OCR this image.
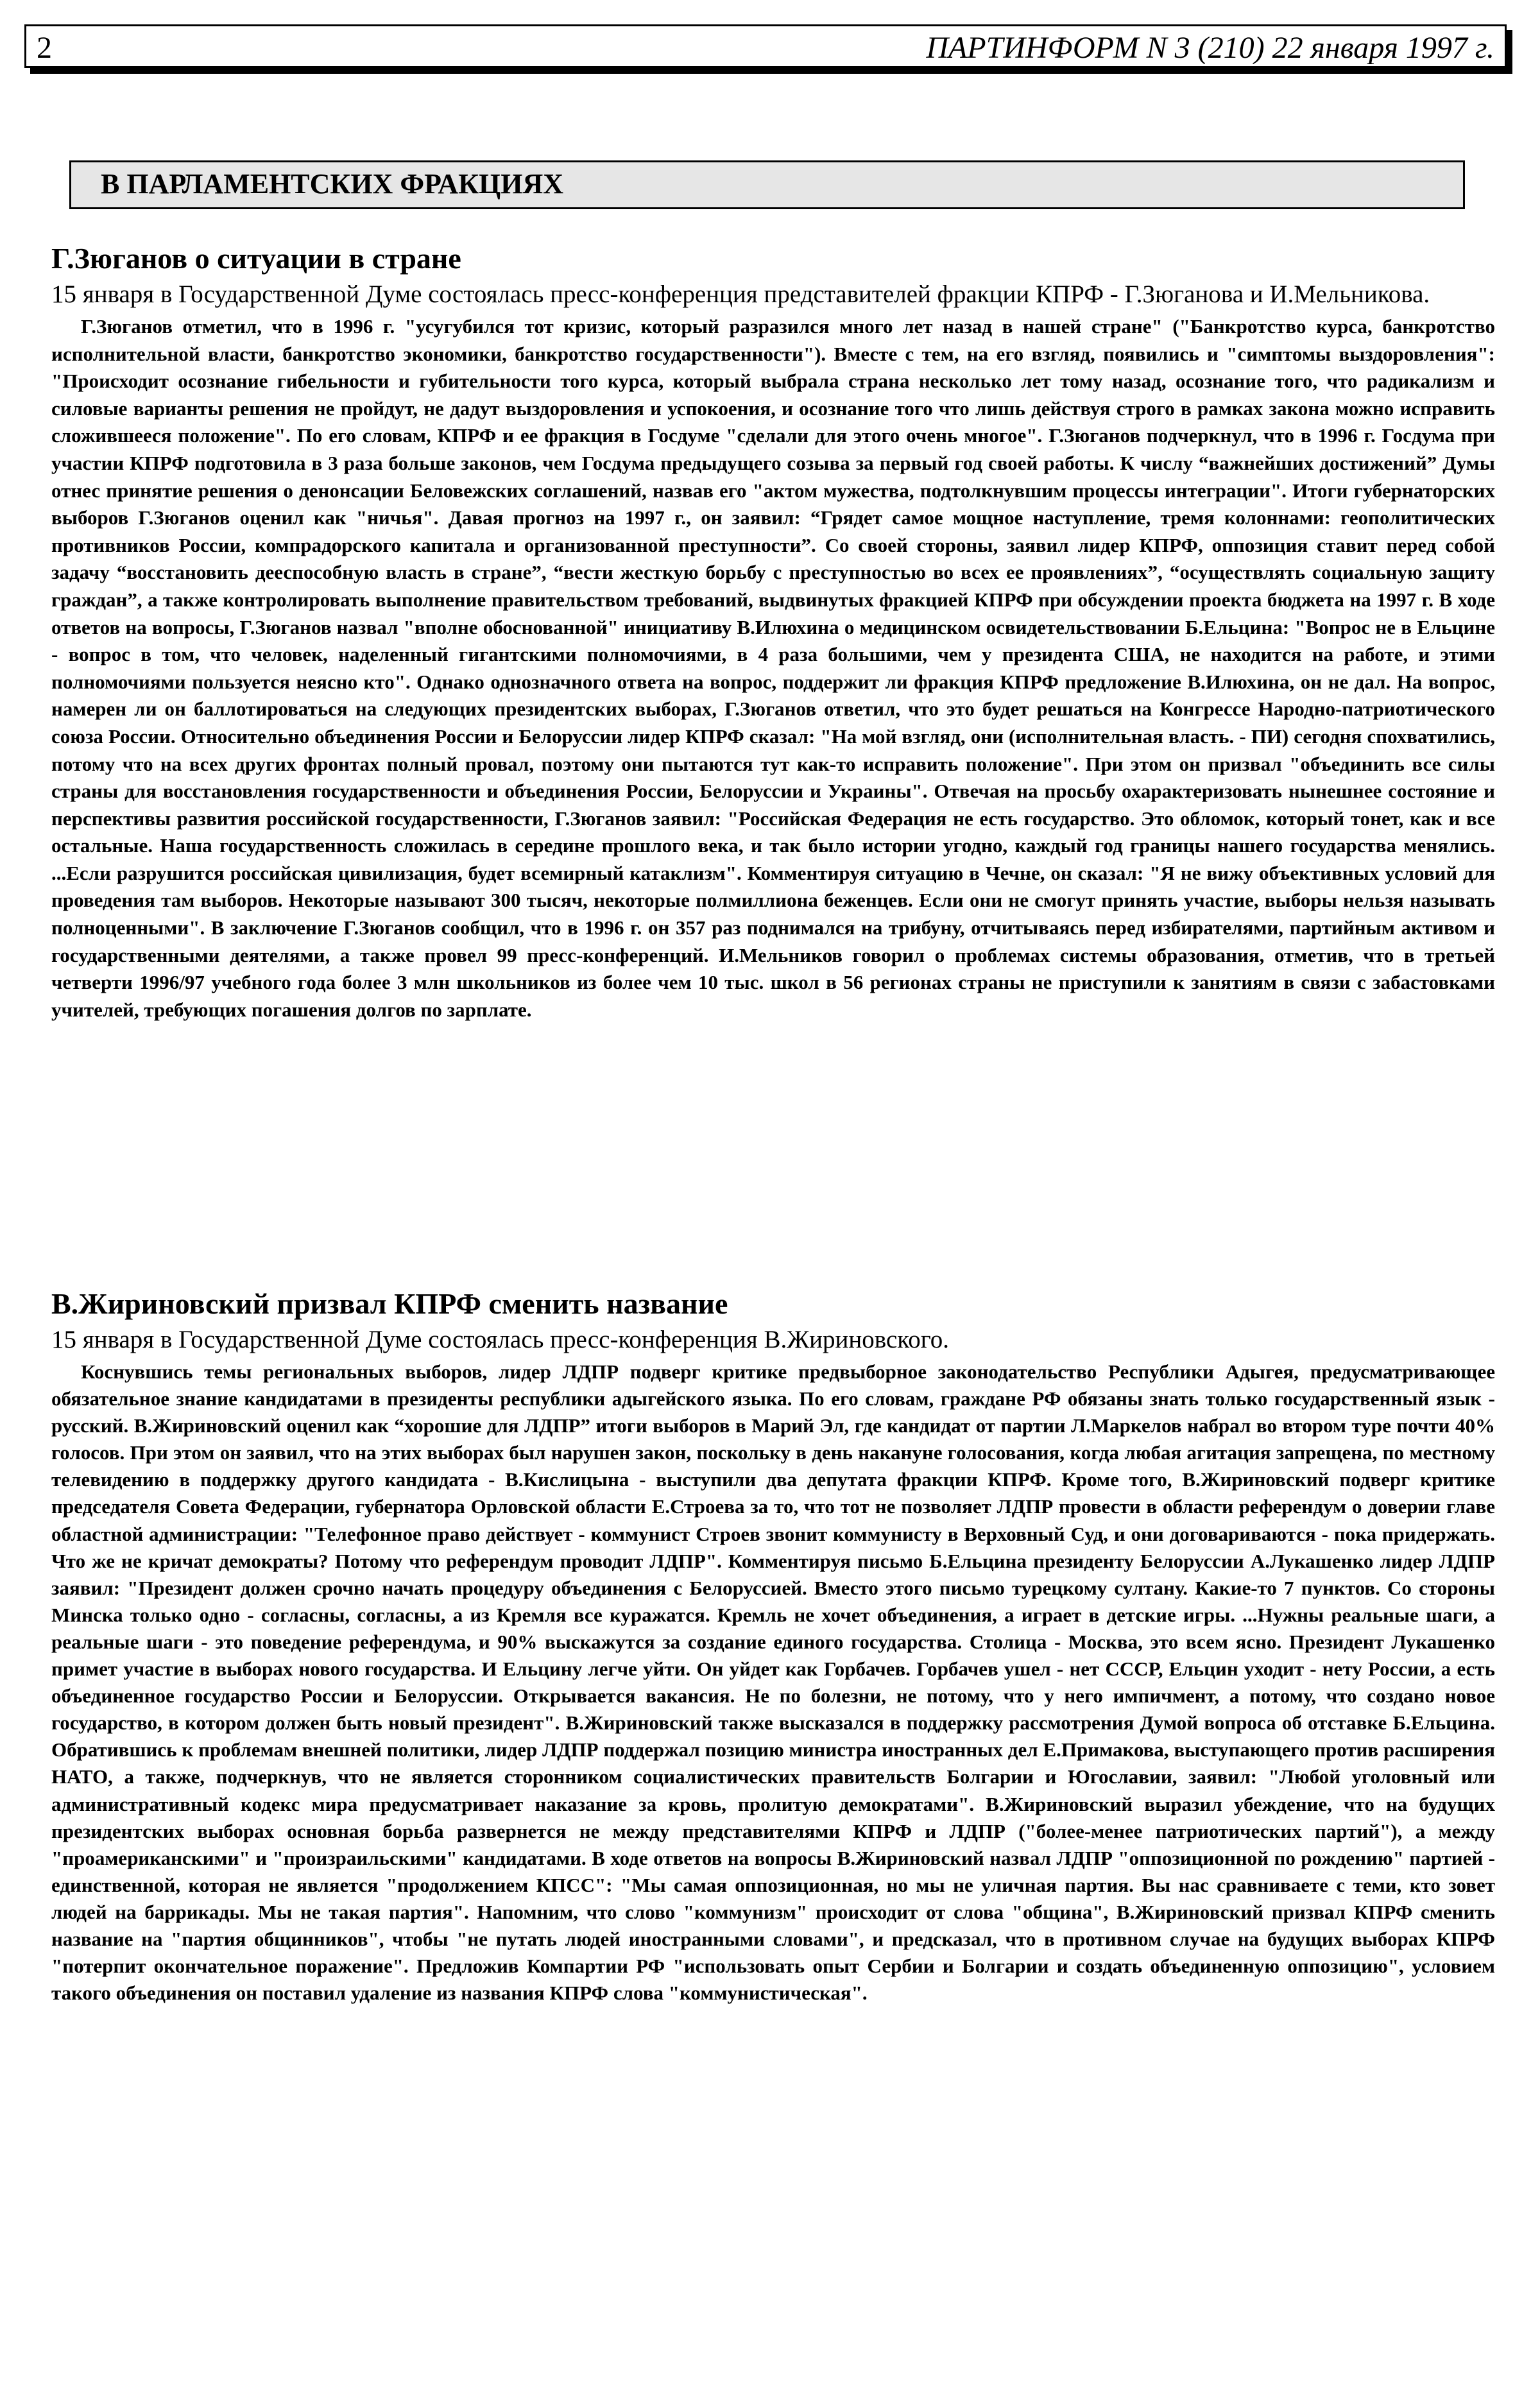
2	ПАРТИНФОРМ N 3 (210) 22 января 1997 г.
В ПАРЛАМЕНТСКИХ ФРАКЦИЯХ
Г.Зюганов о ситуации в стране

15 января в Государственной Думе состоялась пресс-конференция представителей фракции КПРФ - Г.Зюганова и И.Мельникова.

Г.Зюганов отметил, что в 1996 г. "усугубился тот кризис, который разразился много лет назад в нашей стране" ("Банкротство курса, банкротство исполнительной власти, банкротство экономики, банкротство государственности"). Вместе с тем, на его взгляд, появились и "симптомы выздоровления": "Происходит осознание гибельности и губительности того курса, который выбрала страна несколько лет тому назад, осознание того, что радикализм и силовые варианты решения не пройдут, не дадут выздоровления и успокоения, и осознание того что лишь действуя строго в рамках закона можно исправить сложившееся положение". По его словам, КПРФ и ее фракция в Госдуме "сделали для этого очень многое". Г.Зюганов подчеркнул, что в 1996 г. Госдума при участии КПРФ подготовила в 3 раза больше законов, чем Госдума предыдущего созыва за первый год своей работы. К числу “важнейших достижений” Думы отнес принятие решения о денонсации Беловежских соглашений, назвав его "актом мужества, подтолкнувшим процессы интеграции". Итоги губернаторских выборов Г.Зюганов оценил как "ничья". Давая прогноз на 1997 г., он заявил: “Грядет самое мощное наступление, тремя колоннами: геополитических противников России, компрадорского капитала и организованной преступности”. Со своей стороны, заявил лидер КПРФ, оппозиция ставит перед собой задачу “восстановить дееспособную власть в стране”, “вести жесткую борьбу с преступностью во всех ее проявлениях”, “осуществлять социальную защиту граждан”, а также контролировать выполнение правительством требований, выдвинутых фракцией КПРФ при обсуждении проекта бюджета на 1997 г. В ходе ответов на вопросы, Г.Зюганов назвал "вполне обоснованной" инициативу В.Илюхина о медицинском освидетельствовании Б.Ельцина: "Вопрос не в Ельцине - вопрос в том, что человек, наделенный гигантскими полномочиями, в 4 раза большими, чем у президента США, не находится на работе, и этими полномочиями пользуется неясно кто". Однако однозначного ответа на вопрос, поддержит ли фракция КПРФ предложение В.Илюхина, он не дал. На вопрос, намерен ли он баллотироваться на следующих президентских выборах, Г.Зюганов ответил, что это будет решаться на Конгрессе Народно-патриотического союза России. Относительно объединения России и Белоруссии лидер КПРФ сказал: "На мой взгляд, они (исполнительная власть. - ПИ) сегодня спохватились, потому что на всех других фронтах полный провал, поэтому они пытаются тут как-то исправить положение". При этом он призвал "объединить все силы страны для восстановления государственности и объединения России, Белоруссии и Украины". Отвечая на просьбу охарактеризовать нынешнее состояние и перспективы развития российской государственности, Г.Зюганов заявил: "Российская Федерация не есть государство. Это обломок, который тонет, как и все остальные. Наша государственность сложилась в середине прошлого века, и так было истории угодно, каждый год границы нашего государства менялись. ...Если разрушится российская цивилизация, будет всемирный катаклизм". Комментируя ситуацию в Чечне, он сказал: "Я не вижу объективных условий для проведения там выборов. Некоторые называют 300 тысяч, некоторые полмиллиона беженцев. Если они не смогут принять участие, выборы нельзя называть полноценными". В заключение Г.Зюганов сообщил, что в 1996 г. он 357 раз поднимался на трибуну, отчитываясь перед избирателями, партийным активом и государственными деятелями, а также провел 99 пресс-конференций. И.Мельников говорил о проблемах системы образования, отметив, что в третьей четверти 1996/97 учебного года более 3 млн школьников из более чем 10 тыс. школ в 56 регионах страны не приступили к занятиям в связи с забастовками учителей, требующих погашения долгов по зарплате.

В.Жириновский призвал КПРФ сменить название

15 января в Государственной Думе состоялась пресс-конференция В.Жириновского.

Коснувшись темы региональных выборов, лидер ЛДПР подверг критике предвыборное законодательство Республики Адыгея, предусматривающее обязательное знание кандидатами в президенты республики адыгейского языка. По его словам, граждане РФ обязаны знать только государственный язык - русский. В.Жириновский оценил как “хорошие для ЛДПР” итоги выборов в Марий Эл, где кандидат от партии Л.Маркелов набрал во втором туре почти 40% голосов. При этом он заявил, что на этих выборах был нарушен закон, поскольку в день накануне голосования, когда любая агитация запрещена, по местному телевидению в поддержку другого кандидата - В.Кислицына - выступили два депутата фракции КПРФ. Кроме того, В.Жириновский подверг критике председателя Совета Федерации, губернатора Орловской области Е.Строева за то, что тот не позволяет ЛДПР провести в области референдум о доверии главе областной администрации: "Телефонное право действует - коммунист Строев звонит коммунисту в Верховный Суд, и они договариваются - пока придержать. Что же не кричат демократы? Потому что референдум проводит ЛДПР". Комментируя письмо Б.Ельцина президенту Белоруссии А.Лукашенко лидер ЛДПР заявил: "Президент должен срочно начать процедуру объединения с Белоруссией. Вместо этого письмо турецкому султану. Какие-то 7 пунктов. Со стороны Минска только одно - согласны, согласны, а из Кремля все куражатся. Кремль не хочет объединения, а играет в детские игры. ...Нужны реальные шаги, а реальные шаги - это поведение референдума, и 90% выскажутся за создание единого государства. Столица - Москва, это всем ясно. Президент Лукашенко примет участие в выборах нового государства. И Ельцину легче уйти. Он уйдет как Горбачев. Горбачев ушел - нет СССР, Ельцин уходит - нету России, а есть объединенное государство России и Белоруссии. Открывается вакансия. Не по болезни, не потому, что у него импичмент, а потому, что создано новое государство, в котором должен быть новый президент". В.Жириновский также высказался в поддержку рассмотрения Думой вопроса об отставке Б.Ельцина. Обратившись к проблемам внешней политики, лидер ЛДПР поддержал позицию министра иностранных дел Е.Примакова, выступающего против расширения НАТО, а также, подчеркнув, что не является сторонником социалистических правительств Болгарии и Югославии, заявил: "Любой уголовный или административный кодекс мира предусматривает наказание за кровь, пролитую демократами". В.Жириновский выразил убеждение, что на будущих президентских выборах основная борьба развернется не между представителями КПРФ и ЛДПР ("более-менее патриотических партий"), а между "проамериканскими" и "произраильскими" кандидатами. В ходе ответов на вопросы В.Жириновский назвал ЛДПР "оппозиционной по рождению" партией - единственной, которая не является "продолжением КПСС": "Мы самая оппозиционная, но мы не уличная партия. Вы нас сравниваете с теми, кто зовет людей на баррикады. Мы не такая партия". Напомним, что слово "коммунизм" происходит от слова "община", В.Жириновский призвал КПРФ сменить название на "партия общинников", чтобы "не путать людей иностранными словами", и предсказал, что в противном случае на будущих выборах КПРФ "потерпит окончательное поражение". Предложив Компартии РФ "использовать опыт Сербии и Болгарии и создать объединенную оппозицию", условием такого объединения он поставил удаление из названия КПРФ слова "коммунистическая".
